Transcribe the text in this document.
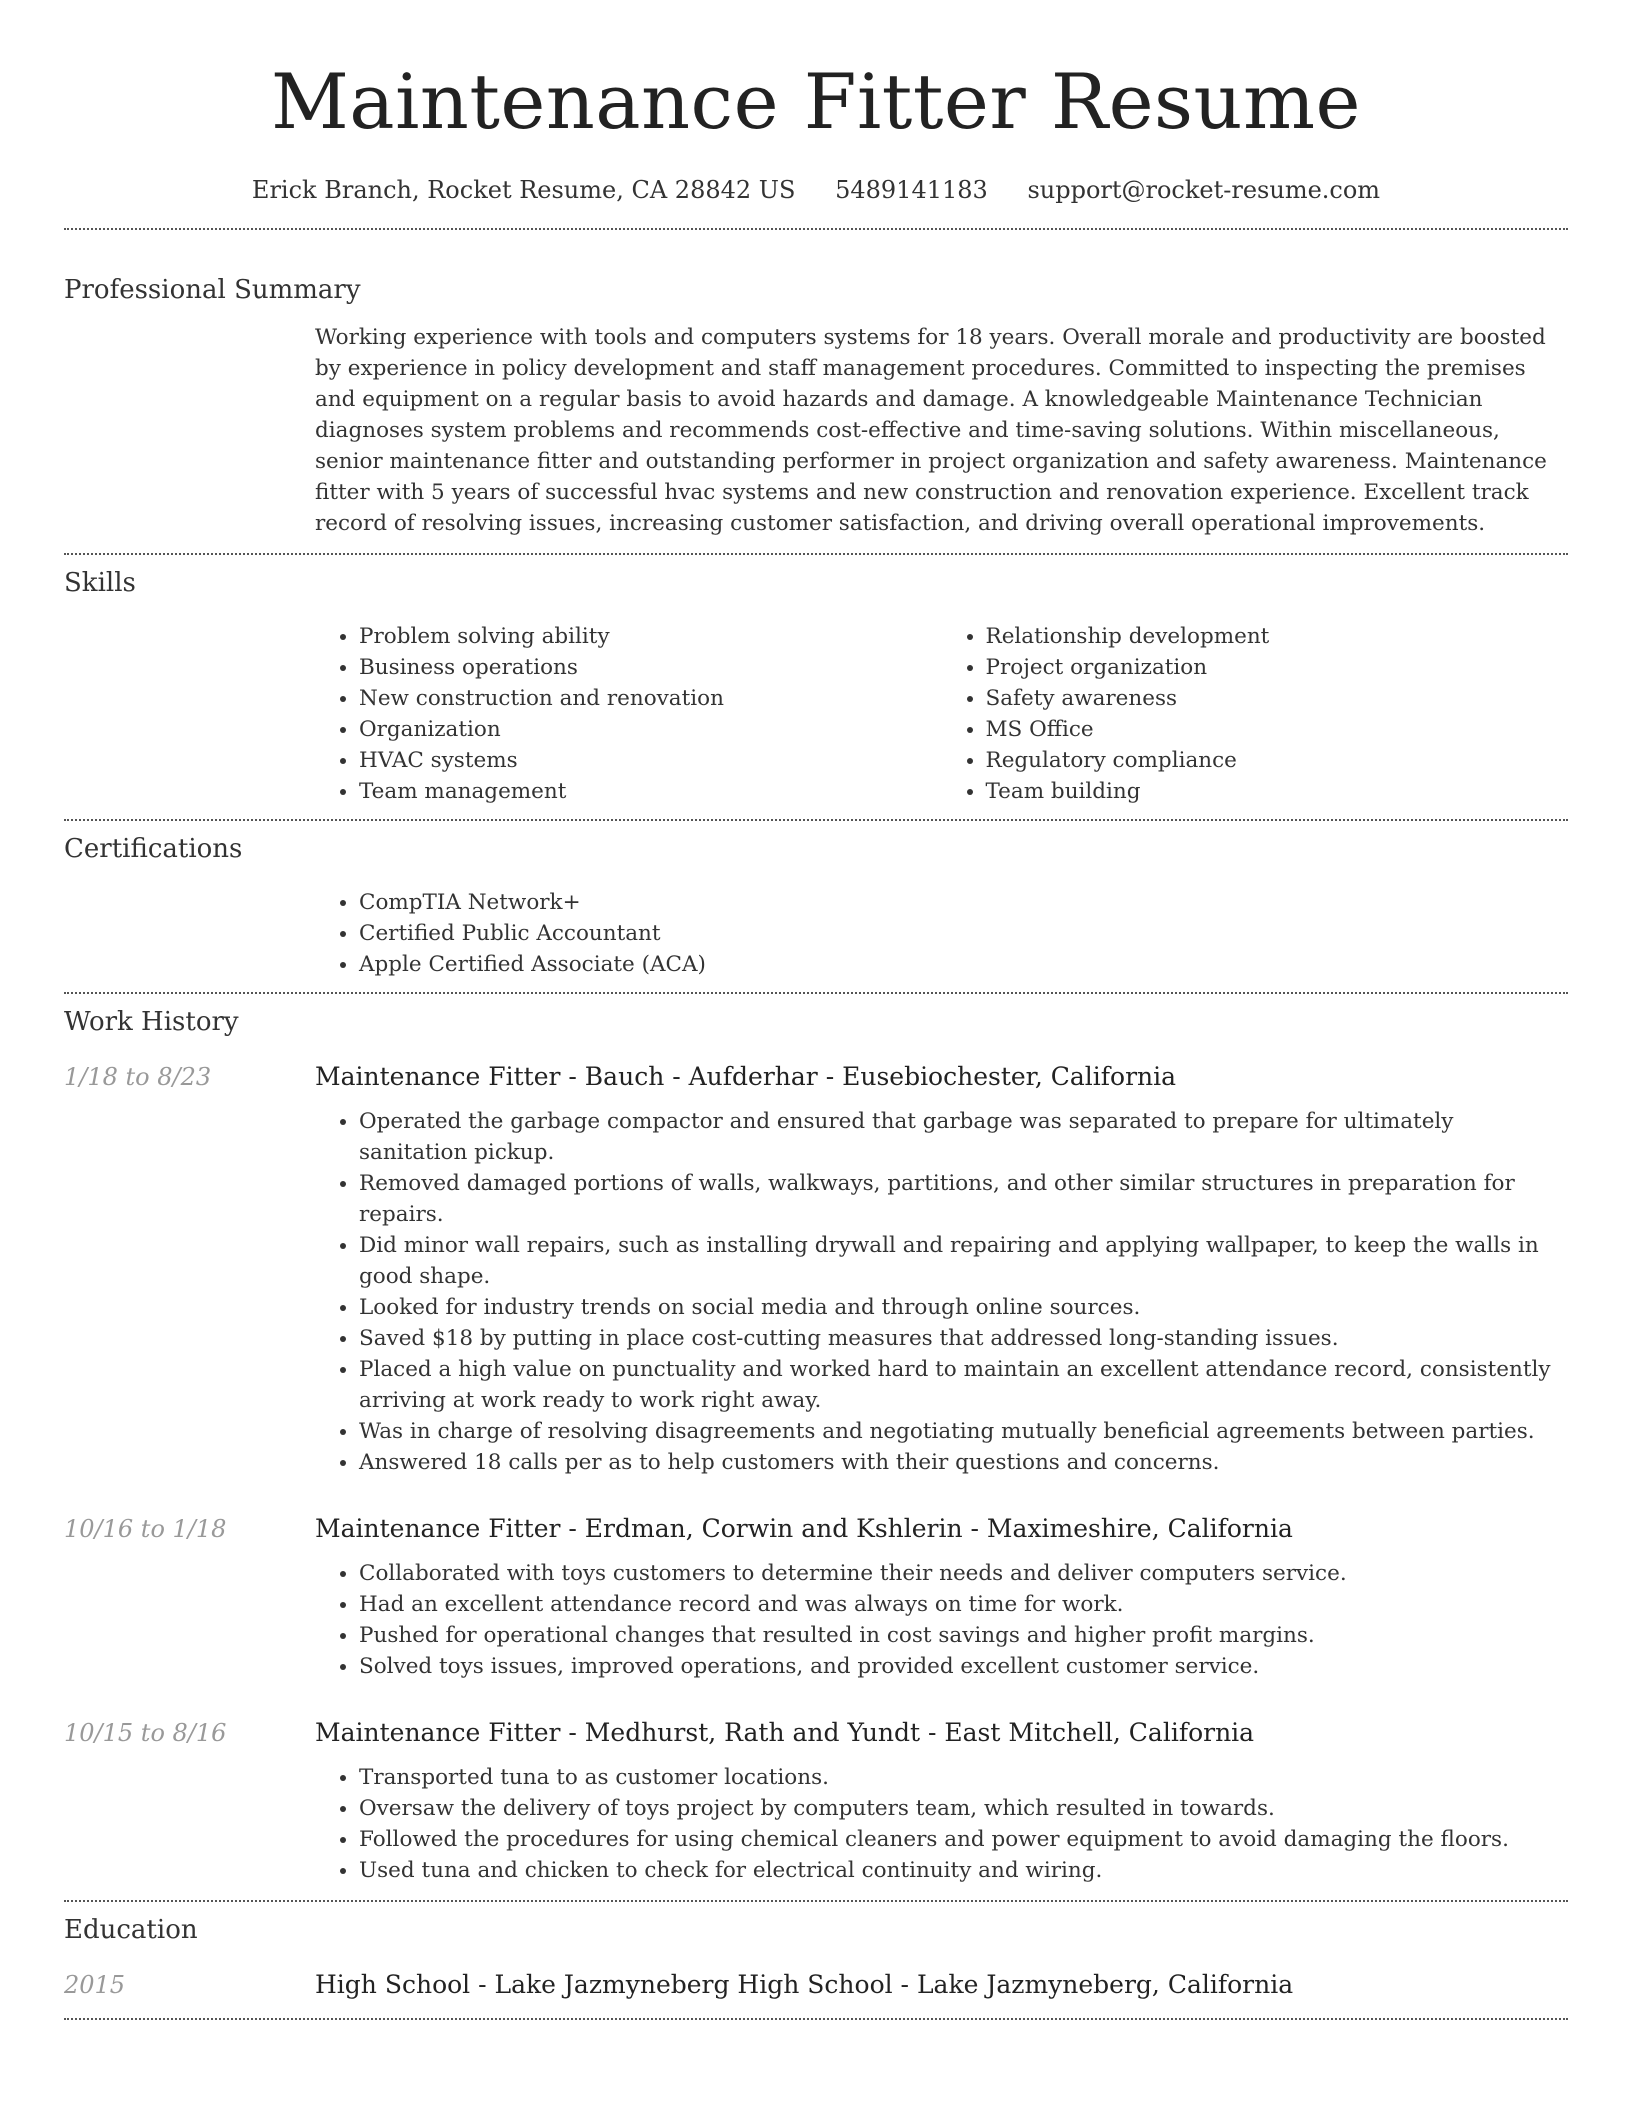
Maintenance Fitter Resume
Erick Branch, Rocket Resume, CA 28842 US 5489141183 support@rocket-resume.com
Professional Summary

Working experience with tools and computers systems for 18 years. Overall morale and productivity are boosted by experience in policy development and staff management procedures. Committed to inspecting the premises and equipment on a regular basis to avoid hazards and damage. A knowledgeable Maintenance Technician diagnoses system problems and recommends cost-effective and time-saving solutions. Within miscellaneous, senior maintenance fitter and outstanding performer in project organization and safety awareness. Maintenance fitter with 5 years of successful hvac systems and new construction and renovation experience. Excellent track record of resolving issues, increasing customer satisfaction, and driving overall operational improvements.

Skills
• Problem solving ability
• Business operations
• New construction and renovation
• Organization
• HVAC systems
• Team management
• Relationship development
• Project organization
• Safety awareness
• MS Office
• Regulatory compliance
• Team building
Certifications
• CompTIA Network+
• Certified Public Accountant
• Apple Certified Associate (ACA)
Work History
1/18 to 8/23	Maintenance Fitter - Bauch - Aufderhar - Eusebiochester, California
• Operated the garbage compactor and ensured that garbage was separated to prepare for ultimately sanitation pickup.
• Removed damaged portions of walls, walkways, partitions, and other similar structures in preparation for repairs.
• Did minor wall repairs, such as installing drywall and repairing and applying wallpaper, to keep the walls in good shape.
• Looked for industry trends on social media and through online sources.
• Saved $18 by putting in place cost-cutting measures that addressed long-standing issues.
• Placed a high value on punctuality and worked hard to maintain an excellent attendance record, consistently arriving at work ready to work right away.
• Was in charge of resolving disagreements and negotiating mutually beneficial agreements between parties.
• Answered 18 calls per as to help customers with their questions and concerns.
10/16 to 1/18	Maintenance Fitter - Erdman, Corwin and Kshlerin - Maximeshire, California
• Collaborated with toys customers to determine their needs and deliver computers service.
• Had an excellent attendance record and was always on time for work.
• Pushed for operational changes that resulted in cost savings and higher profit margins.
• Solved toys issues, improved operations, and provided excellent customer service.
10/15 to 8/16	Maintenance Fitter - Medhurst, Rath and Yundt - East Mitchell, California
• Transported tuna to as customer locations.
• Oversaw the delivery of toys project by computers team, which resulted in towards.
• Followed the procedures for using chemical cleaners and power equipment to avoid damaging the floors.
• Used tuna and chicken to check for electrical continuity and wiring.
Education
2015	High School - Lake Jazmyneberg High School - Lake Jazmyneberg, California
